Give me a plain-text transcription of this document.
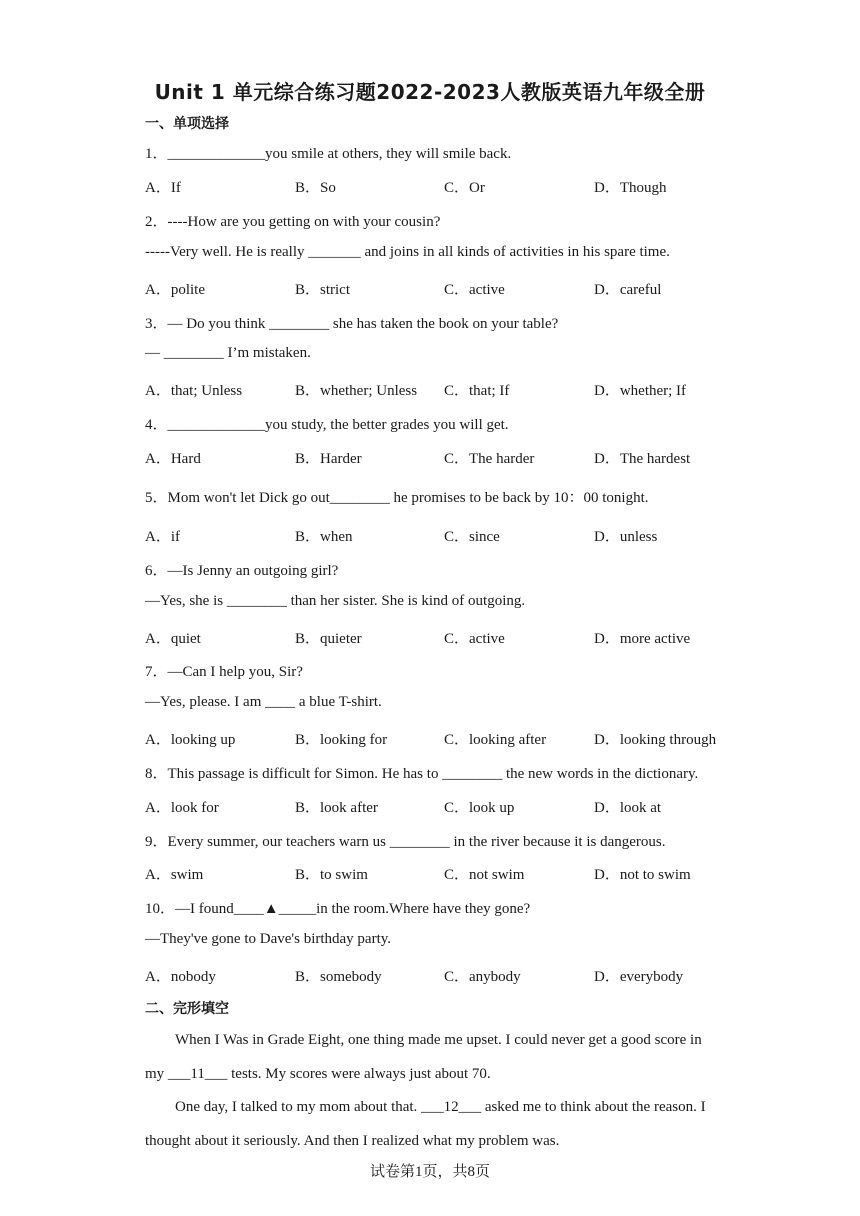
Unit 1 单元综合练习题2022-2023人教版英语九年级全册
一、单项选择
1．_____________you smile at others, they will smile back.
A．If	B．So	C．Or	D．Though
2．----How are you getting on with your cousin?
-----Very well. He is really _______ and joins in all kinds of activities in his spare time.
A．polite	B．strict	C．active	D．careful
3．— Do you think ________ she has taken the book on your table?
— ________ I’m mistaken.
A．that; Unless	B．whether; Unless C．that; If	D．whether; If
4．_____________you study, the better grades you will get.
A．Hard	B．Harder	C．The harder	D．The hardest
5．Mom won't let Dick go out________ he promises to be back by 10：00 tonight.
A．if	B．when	C．since	D．unless
6．—Is Jenny an outgoing girl?
—Yes, she is ________ than her sister. She is kind of outgoing.
A．quiet	B．quieter	C．active	D．more active
7．—Can I help you, Sir?
—Yes, please. I am ____ a blue T-shirt.
A．looking up	B．looking for	C．looking after	D．looking through
8．This passage is difficult for Simon. He has to ________ the new words in the dictionary.
A．look for	B．look after	C．look up	D．look at
9．Every summer, our teachers warn us ________ in the river because it is dangerous.
A．swim	B．to swim	C．not swim	D．not to swim
10．—I found____▲_____in the room.Where have they gone?
—They've gone to Dave's birthday party.
A．nobody	B．somebody	C．anybody	D．everybody
二、完形填空
When I Was in Grade Eight, one thing made me upset. I could never get a good score in
my ___11___ tests. My scores were always just about 70.
One day, I talked to my mom about that. ___12___ asked me to think about the reason. I
thought about it seriously. And then I realized what my problem was.
试卷第1页，共8页
